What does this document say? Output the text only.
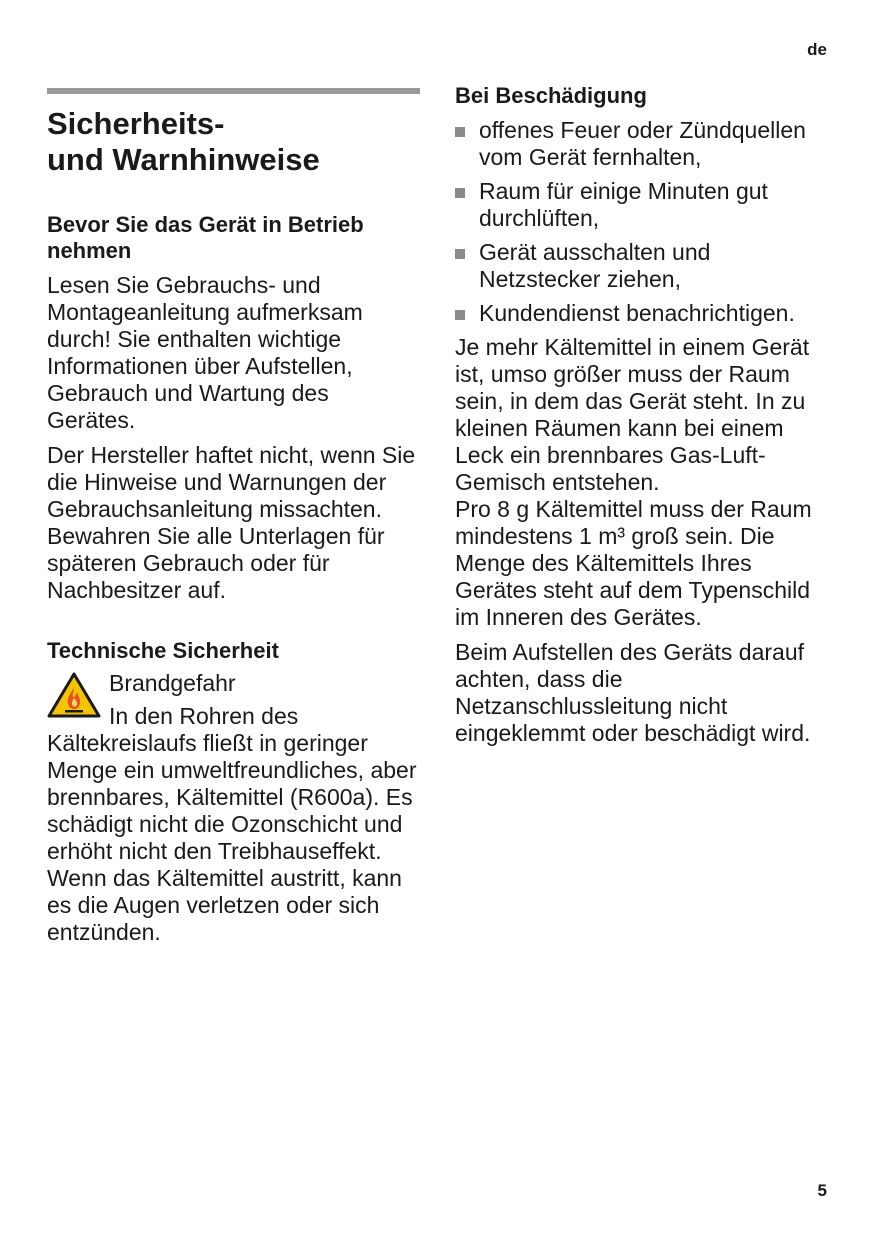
de
Sicherheits-
und Warnhinweise
Bevor Sie das Gerät in Betrieb nehmen

Lesen Sie Gebrauchs- und Montageanleitung aufmerksam durch! Sie enthalten wichtige Informationen über Aufstellen, Gebrauch und Wartung des Gerätes.

Der Hersteller haftet nicht, wenn Sie die Hinweise und Warnungen der Gebrauchsanleitung missachten. Bewahren Sie alle Unterlagen für späteren Gebrauch oder für Nachbesitzer auf.

Technische Sicherheit
Brandgefahr

In den Rohren des Kältekreislaufs fließt in geringer Menge ein umweltfreundliches, aber brennbares, Kältemittel (R600a). Es schädigt nicht die Ozonschicht und erhöht nicht den Treibhauseffekt. Wenn das Kältemittel austritt, kann es die Augen verletzen oder sich entzünden.

Bei Beschädigung
offenes Feuer oder Zündquellen vom Gerät fernhalten,
Raum für einige Minuten gut durchlüften,
Gerät ausschalten und Netzstecker ziehen,
Kundendienst benachrichtigen.

Je mehr Kältemittel in einem Gerät ist, umso größer muss der Raum sein, in dem das Gerät steht. In zu kleinen Räumen kann bei einem Leck ein brennbares Gas-Luft-Gemisch entstehen.

Pro 8 g Kältemittel muss der Raum mindestens 1 m³ groß sein. Die Menge des Kältemittels Ihres Gerätes steht auf dem Typenschild im Inneren des Gerätes.

Beim Aufstellen des Geräts darauf achten, dass die Netzanschlussleitung nicht eingeklemmt oder beschädigt wird.

5
